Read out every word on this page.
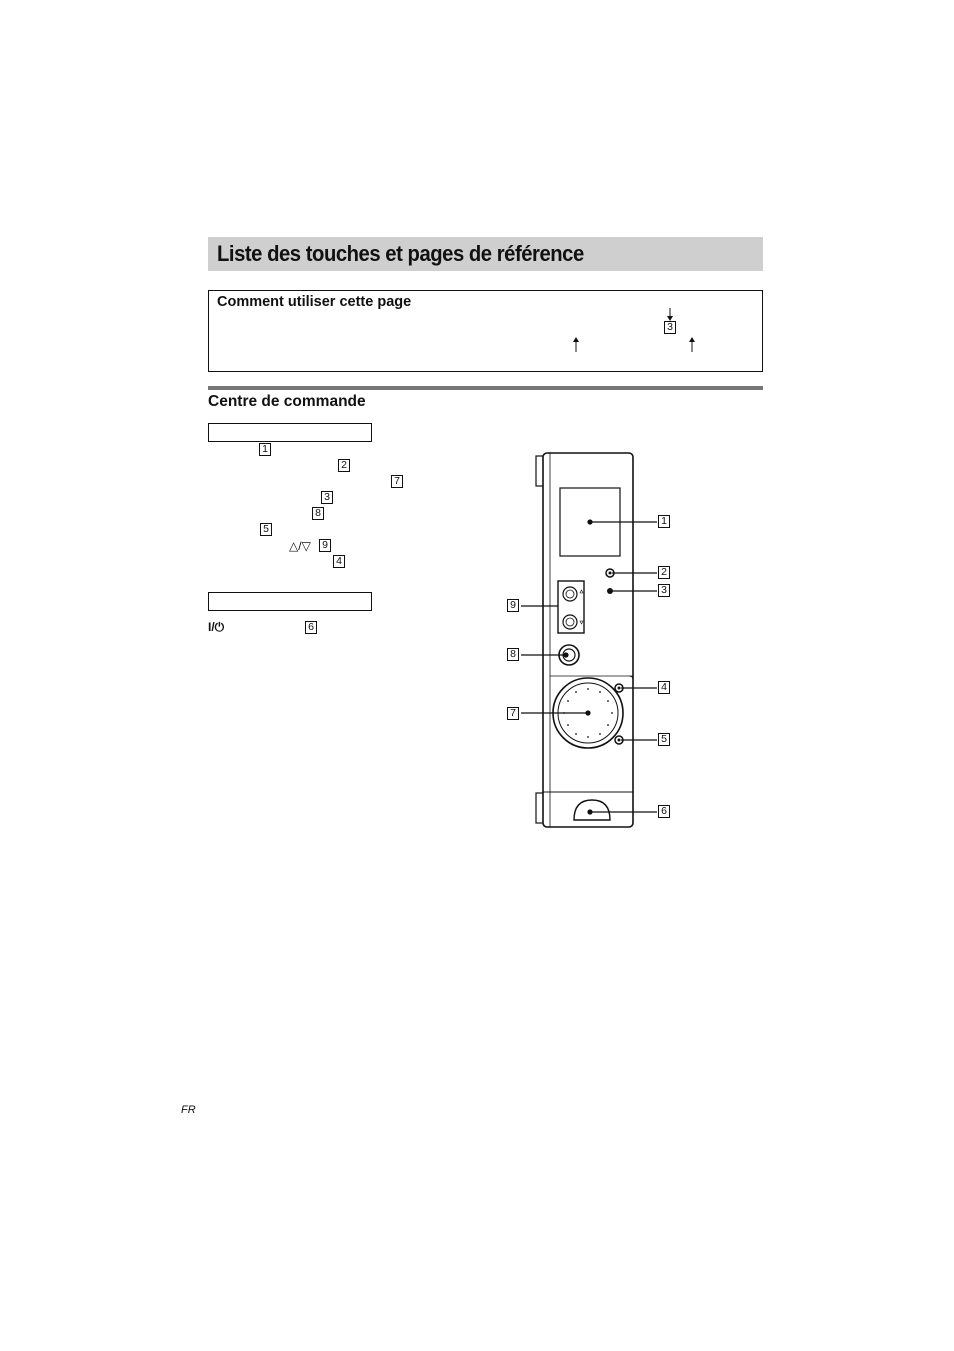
Liste des touches et pages de référence
Comment utiliser cette page
3
Centre de commande
1
2
7
3
8
5
△/▽ 9
4
I/⏻	6
1
2
3
4
5
6
7
8
9
FR
